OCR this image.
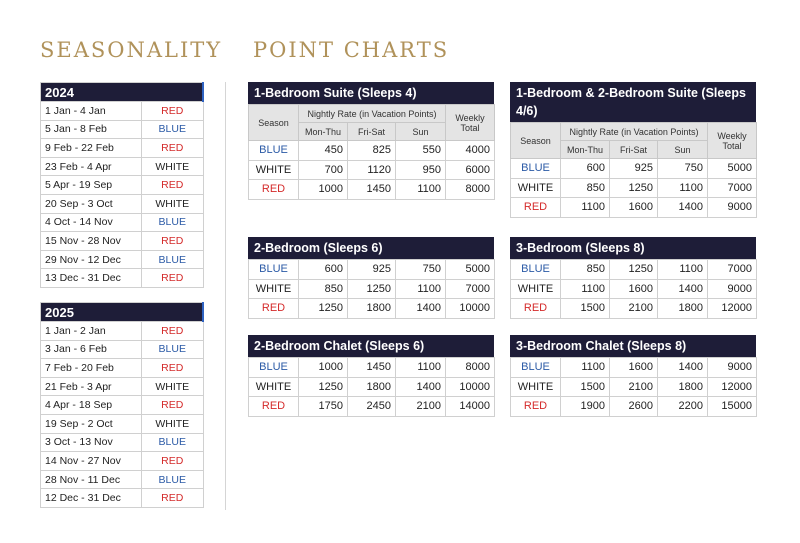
SEASONALITY POINT CHARTS
2024	
1 Jan - 4 Jan	RED
5 Jan - 8 Feb	BLUE
9 Feb - 22 Feb	RED
23 Feb - 4 Apr	WHITE
5 Apr - 19 Sep	RED
20 Sep - 3 Oct	WHITE
4 Oct - 14 Nov	BLUE
15 Nov - 28 Nov	RED
29 Nov - 12 Dec	BLUE
13 Dec - 31 Dec	RED
2025	
1 Jan - 2 Jan	RED
3 Jan - 6 Feb	BLUE
7 Feb - 20 Feb	RED
21 Feb - 3 Apr	WHITE
4 Apr - 18 Sep	RED
19 Sep - 2 Oct	WHITE
3 Oct - 13 Nov	BLUE
14 Nov - 27 Nov	RED
28 Nov - 11 Dec	BLUE
12 Dec - 31 Dec	RED
1-Bedroom Suite (Sleeps 4)
Season	Nightly Rate (in Vacation Points)			Weekly Total
	Mon-Thu	Fri-Sat	Sun	
BLUE	450	825	550	4000
WHITE	700	1120	950	6000
RED	1000	1450	1100	8000
1-Bedroom & 2-Bedroom Suite (Sleeps 4/6)
Season	Nightly Rate (in Vacation Points)			Weekly Total
	Mon-Thu	Fri-Sat	Sun	
BLUE	600	925	750	5000
WHITE	850	1250	1100	7000
RED	1100	1600	1400	9000
2-Bedroom (Sleeps 6)
BLUE	600	925	750	5000
WHITE	850	1250	1100	7000
RED	1250	1800	1400	10000
3-Bedroom (Sleeps 8)
BLUE	850	1250	1100	7000
WHITE	1100	1600	1400	9000
RED	1500	2100	1800	12000
2-Bedroom Chalet (Sleeps 6)
BLUE	1000	1450	1100	8000
WHITE	1250	1800	1400	10000
RED	1750	2450	2100	14000
3-Bedroom Chalet (Sleeps 8)
BLUE	1100	1600	1400	9000
WHITE	1500	2100	1800	12000
RED	1900	2600	2200	15000
